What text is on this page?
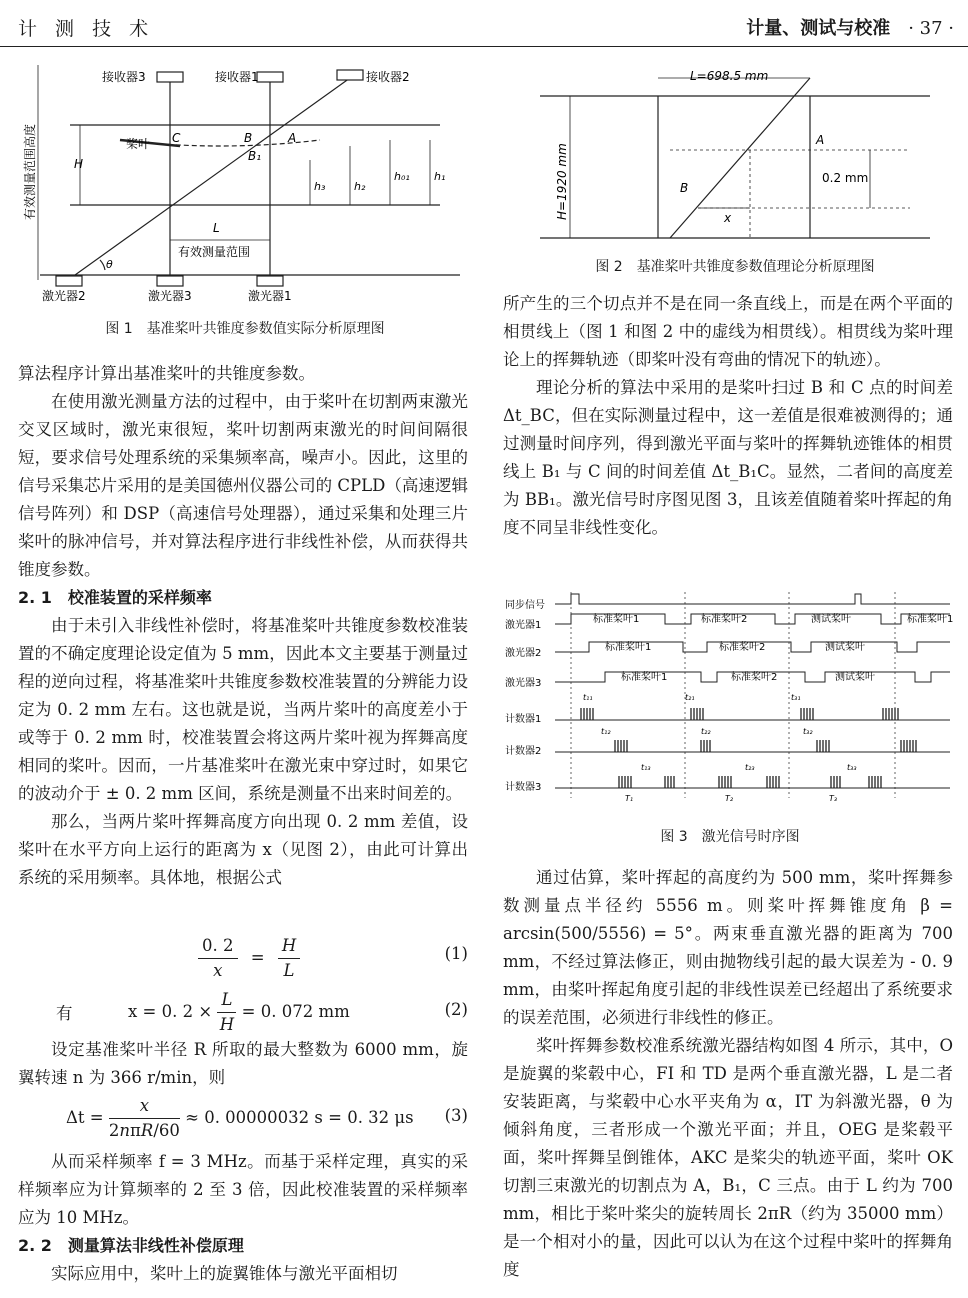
计 测 技 术	计量、测试与校准 · 37 ·
接收器3	接收器1	接收器2
激光器2	激光器3	激光器1
桨叶
有效测量范围高度
有效测量范围
C	B	A
B₁
H
L
θ
h₃	h₂
h₀₁ h₁
图 1　基准桨叶共锥度参数值实际分析原理图
L=698.5 mm
H=1920 mm
A
B
x
0.2 mm
图 2　基准桨叶共锥度参数值理论分析原理图
同步信号
激光器1
激光器2
激光器3
计数器1
计数器2
计数器3
标准桨叶1	标准桨叶2	测试桨叶	标准桨叶1
标准桨叶1	标准桨叶2	测试桨叶
标准桨叶1	标准桨叶2	测试桨叶
t₁₁	t₂₁	t₃₁
t₁₂	t₂₂	t₃₂
t₁₃	t₂₃	t₃₃
T₁	T₂	T₃
图 3　激光信号时序图

算法程序计算出基准桨叶的共锥度参数。

在使用激光测量方法的过程中，由于桨叶在切割两束激光交叉区域时，激光束很短，桨叶切割两束激光的时间间隔很短，要求信号处理系统的采集频率高，噪声小。因此，这里的信号采集芯片采用的是美国德州仪器公司的 CPLD（高速逻辑信号阵列）和 DSP（高速信号处理器），通过采集和处理三片桨叶的脉冲信号，并对算法程序进行非线性补偿，从而获得共锥度参数。

2. 1　校准装置的采样频率

由于未引入非线性补偿时，将基准桨叶共锥度参数校准装置的不确定度理论设定值为 5 mm，因此本文主要基于测量过程的逆向过程，将基准桨叶共锥度参数校准装置的分辨能力设定为 0. 2 mm 左右。这也就是说，当两片桨叶的高度差小于或等于 0. 2 mm 时，校准装置会将这两片桨叶视为挥舞高度相同的桨叶。因而，一片基准桨叶在激光束中穿过时，如果它的波动介于 ± 0. 2 mm 区间，系统是测量不出来时间差的。

那么，当两片桨叶挥舞高度方向出现 0. 2 mm 差值，设桨叶在水平方向上运行的距离为 x（见图 2），由此可计算出系统的采用频率。具体地，根据公式

$\frac{0. 2}{x} = \frac{H}{L}$	(1)
有	x = 0. $2 \times \frac{L}{H} = 0$. 072 mm	(2)

设定基准桨叶半径 R 所取的最大整数为 6000 mm，旋翼转速 n 为 366 r/min，则

$\Delta t = \frac{x}{\text{2nπR/60}} \approx 0$. 00000032 s = 0. 32 μs (3)

从而采样频率 f = 3 MHz。而基于采样定理，真实的采样频率应为计算频率的 2 至 3 倍，因此校准装置的采样频率应为 10 MHz。

2. 2　测量算法非线性补偿原理

实际应用中，桨叶上的旋翼锥体与激光平面相切

所产生的三个切点并不是在同一条直线上，而是在两个平面的相贯线上（图 1 和图 2 中的虚线为相贯线）。相贯线为桨叶理论上的挥舞轨迹（即桨叶没有弯曲的情况下的轨迹）。

理论分析的算法中采用的是桨叶扫过 B 和 C 点的时间差 Δt_BC，但在实际测量过程中，这一差值是很难被测得的；通过测量时间序列，得到激光平面与桨叶的挥舞轨迹锥体的相贯线上 B₁ 与 C 间的时间差值 Δt_B₁C。显然，二者间的高度差为 BB₁。激光信号时序图见图 3，且该差值随着桨叶挥起的角度不同呈非线性变化。

通过估算，桨叶挥起的高度约为 500 mm，桨叶挥舞参数测量点半径约 5556 m。则桨叶挥舞锥度角 β = arcsin(500/5556) = 5°。两束垂直激光器的距离为 700 mm，不经过算法修正，则由抛物线引起的最大误差为 - 0. 9 mm，由桨叶挥起角度引起的非线性误差已经超出了系统要求的误差范围，必须进行非线性的修正。

桨叶挥舞参数校准系统激光器结构如图 4 所示，其中，O 是旋翼的桨毂中心，FI 和 TD 是两个垂直激光器，L 是二者安装距离，与桨毂中心水平夹角为 α，IT 为斜激光器，θ 为倾斜角度，三者形成一个激光平面；并且，OEG 是桨毂平面，桨叶挥舞呈倒锥体，AKC 是桨尖的轨迹平面，桨叶 OK 切割三束激光的切割点为 A，B₁，C 三点。由于 L 约为 700 mm，相比于桨叶桨尖的旋转周长 2πR（约为 35000 mm）是一个相对小的量，因此可以认为在这个过程中桨叶的挥舞角度
